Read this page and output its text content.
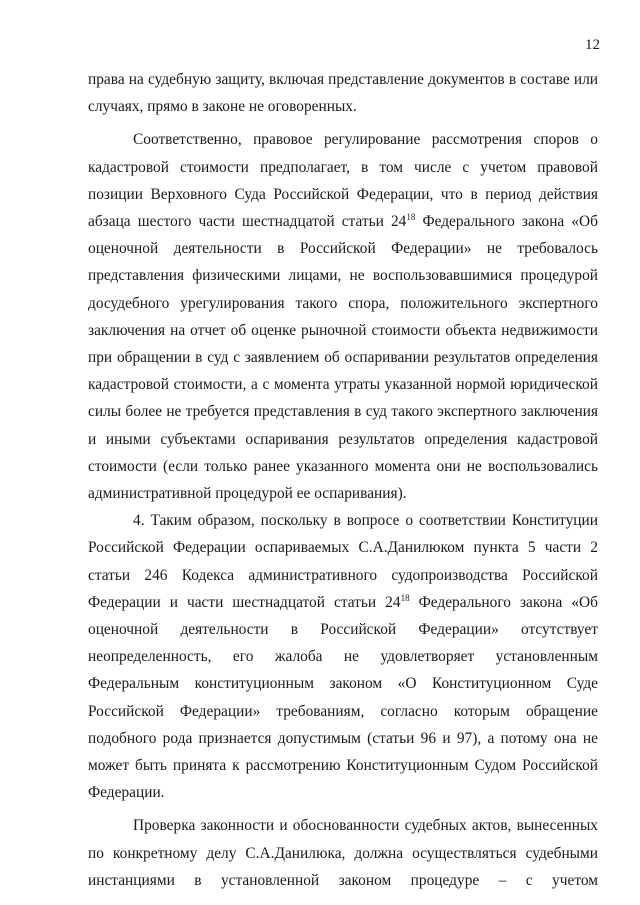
12

права на судебную защиту, включая представление документов в составе или случаях, прямо в законе не оговоренных.

Соответственно, правовое регулирование рассмотрения споров о кадастровой стоимости предполагает, в том числе с учетом правовой позиции Верховного Суда Российской Федерации, что в период действия абзаца шестого части шестнадцатой статьи $24^{18}$ Федерального закона «Об оценочной деятельности в Российской Федерации» не требовалось представления физическими лицами, не воспользовавшимися процедурой досудебного урегулирования такого спора, положительного экспертного заключения на отчет об оценке рыночной стоимости объекта недвижимости при обращении в суд с заявлением об оспаривании результатов определения кадастровой стоимости, а с момента утраты указанной нормой юридической силы более не требуется представления в суд такого экспертного заключения и иными субъектами оспаривания результатов определения кадастровой стоимости (если только ранее указанного момента они не воспользовались административной процедурой ее оспаривания).

4. Таким образом, поскольку в вопросе о соответствии Конституции Российской Федерации оспариваемых С.А.Данилюком пункта 5 части 2 статьи 246 Кодекса административного судопроизводства Российской Федерации и части шестнадцатой статьи $24^{18}$ Федерального закона «Об оценочной деятельности в Российской Федерации» отсутствует неопределенность, его жалоба не удовлетворяет установленным Федеральным конституционным законом «О Конституционном Суде Российской Федерации» требованиям, согласно которым обращение подобного рода признается допустимым (статьи 96 и 97), а потому она не может быть принята к рассмотрению Конституционным Судом Российской Федерации.

Проверка законности и обоснованности судебных актов, вынесенных по конкретному делу С.А.Данилюка, должна осуществляться судебными инстанциями в установленной законом процедуре – с учетом
